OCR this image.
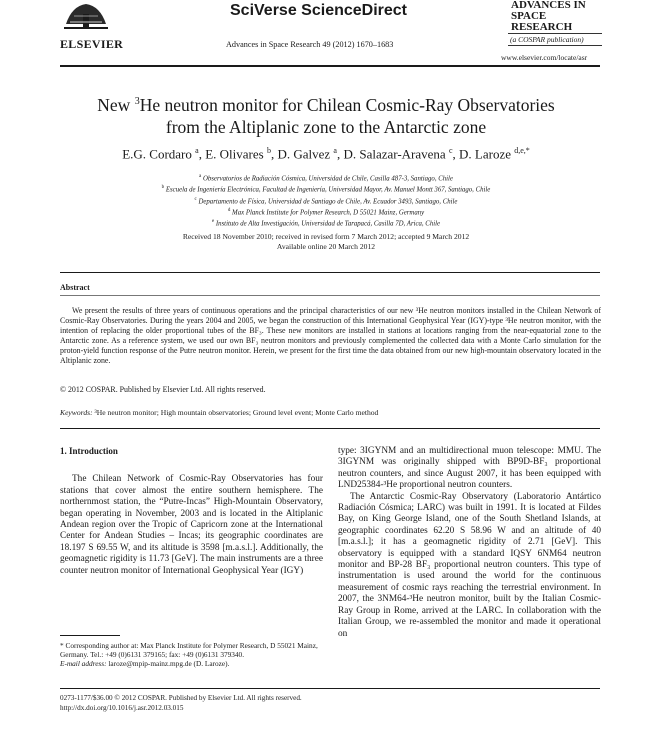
ELSEVIER
SciVerse ScienceDirect
Advances in Space Research 49 (2012) 1670–1683
ADVANCES IN
SPACE
RESEARCH
(a COSPAR publication)
www.elsevier.com/locate/asr
New $^3$He neutron monitor for Chilean Cosmic-Ray Observatories
from the Altiplanic zone to the Antarctic zone
E.G. Cordaro $^a$, E. Olivares $^b$, D. Galvez $^a$, D. Salazar-Aravena $^c$, D. Laroze $^{d,e,*}$
$^a$ Observatorios de Radiación Cósmica, Universidad de Chile, Casilla 487-3, Santiago, Chile
$^b$ Escuela de Ingeniería Electrónica, Facultad de Ingeniería, Universidad Mayor, Av. Manuel Montt 367, Santiago, Chile
$^c$ Departamento de Física, Universidad de Santiago de Chile, Av. Ecuador 3493, Santiago, Chile
$^d$ Max Planck Institute for Polymer Research, D 55021 Mainz, Germany
$^e$ Instituto de Alta Investigación, Universidad de Tarapacá, Casilla 7D, Arica, Chile
Received 18 November 2010; received in revised form 7 March 2012; accepted 9 March 2012
Available online 20 March 2012
Abstract
We present the results of three years of continuous operations and the principal characteristics of our new ³He neutron monitors installed in the Chilean Network of Cosmic-Ray Observatories. During the years 2004 and 2005, we began the construction of this International Geophysical Year (IGY)-type ³He neutron monitor, with the intention of replacing the older proportional tubes of the BF₃. These new monitors are installed in stations at locations ranging from the near-equatorial zone to the Antarctic zone. As a reference system, we used our own BF₃ neutron monitors and previously complemented the collected data with a Monte Carlo simulation for the proton-yield function response of the Putre neutron monitor. Herein, we present for the first time the data obtained from our new high-mountain observatory located in the Altiplanic zone.
© 2012 COSPAR. Published by Elsevier Ltd. All rights reserved.
Keywords: ³He neutron monitor; High mountain observatories; Ground level event; Monte Carlo method
1. Introduction
The Chilean Network of Cosmic-Ray Observatories has four stations that cover almost the entire southern hemisphere. The northernmost station, the “Putre-Incas” High-Mountain Observatory, began operating in November, 2003 and is located in the Altiplanic Andean region over the Tropic of Capricorn zone at the International Center for Andean Studies – Incas; its geographic coordinates are 18.197 S 69.55 W, and its altitude is 3598 [m.a.s.l.]. Additionally, the geomagnetic rigidity is 11.73 [GeV]. The main instruments are a three counter neutron monitor of International Geophysical Year (IGY)
type: 3IGYNM and an multidirectional muon telescope: MMU. The 3IGYNM was originally shipped with BP9D-BF₃ proportional neutron counters, and since August 2007, it has been equipped with LND25384-³He proportional neutron counters.
The Antarctic Cosmic-Ray Observatory (Laboratorio Antártico Radiación Cósmica; LARC) was built in 1991. It is located at Fildes Bay, on King George Island, one of the South Shetland Islands, at geographic coordinates 62.20 S 58.96 W and an altitude of 40 [m.a.s.l.]; it has a geomagnetic rigidity of 2.71 [GeV]. This observatory is equipped with a standard IQSY 6NM64 neutron monitor and BP-28 BF₃ proportional neutron counters. This type of instrumentation is used around the world for the continuous measurement of cosmic rays reaching the terrestrial environment. In 2007, the 3NM64-³He neutron monitor, built by the Italian Cosmic-Ray Group in Rome, arrived at the LARC. In collaboration with the Italian Group, we re-assembled the monitor and made it operational on
* Corresponding author at: Max Planck Institute for Polymer Research, D 55021 Mainz, Germany. Tel.: +49 (0)6131 379165; fax: +49 (0)6131 379340.
E-mail address: laroze@mpip-mainz.mpg.de (D. Laroze).
0273-1177/$36.00 © 2012 COSPAR. Published by Elsevier Ltd. All rights reserved.
http://dx.doi.org/10.1016/j.asr.2012.03.015
